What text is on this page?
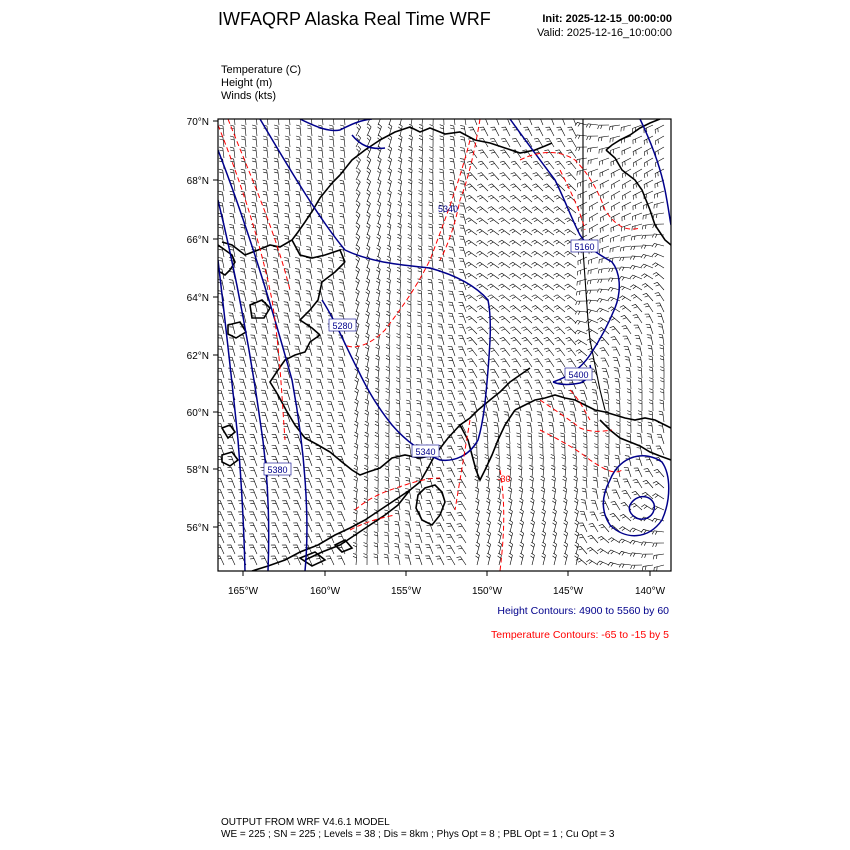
IWFAQRP Alaska Real Time WRF	Init: 2025-12-15_00:00:00
Valid: 2025-12-16_10:00:00
Temperature (C)
Height (m)
Winds (kts)
70°N
68°N
66°N
64°N
62°N
60°N
58°N
56°N
165°W	160°W	155°W	150°W	145°W	140°W
5160
5280
5340
5380
5400
5340
-30
Height Contours: 4900 to 5560 by 60
Temperature Contours: -65 to -15 by 5
OUTPUT FROM WRF V4.6.1 MODEL
WE = 225 ; SN = 225 ; Levels = 38 ; Dis = 8km ; Phys Opt = 8 ; PBL Opt = 1 ; Cu Opt = 3
